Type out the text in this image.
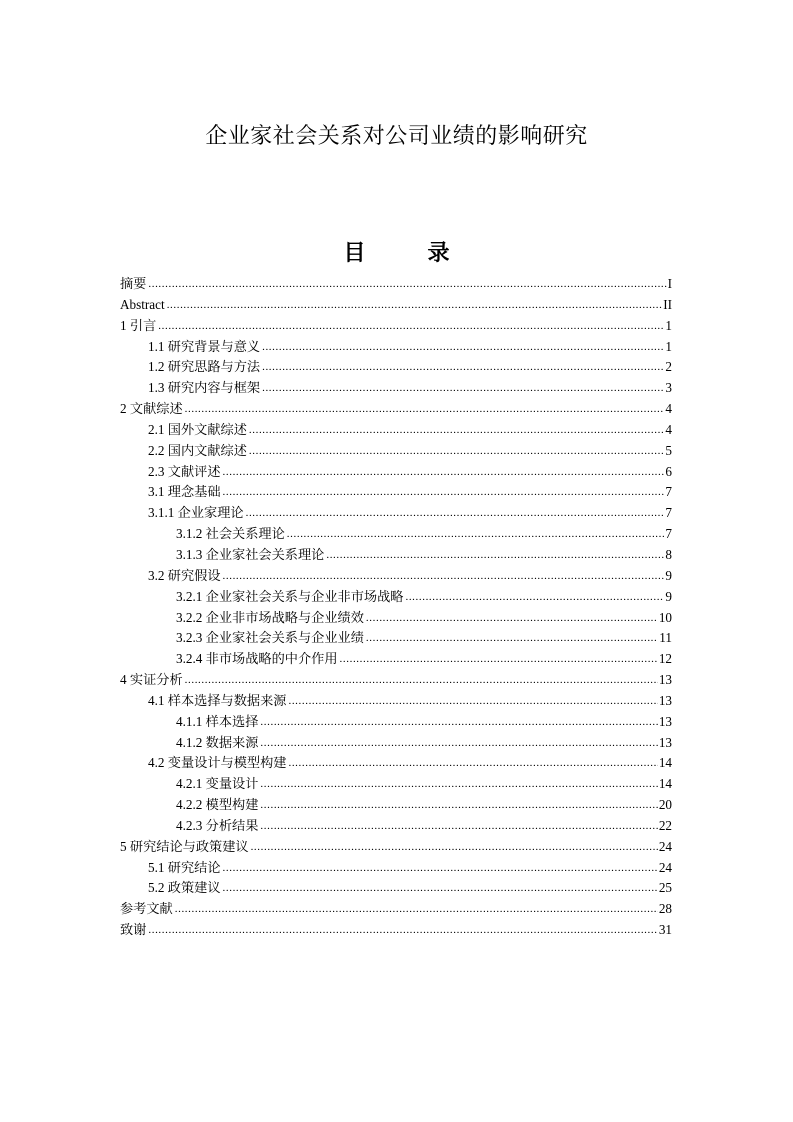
企业家社会关系对公司业绩的影响研究
目　录
摘要 .....	I
Abstract .....	II
1 引言 .....	1
1.1 研究背景与意义 .....	1
1.2 研究思路与方法 .....	2
1.3 研究内容与框架 .....	3
2 文献综述 .....	4
2.1 国外文献综述 .....	4
2.2 国内文献综述 .....	5
2.3 文献评述 .....	6
3.1 理念基础 .....	7
3.1.1 企业家理论 .....	7
3.1.2 社会关系理论 .....	7
3.1.3 企业家社会关系理论 .....	8
3.2 研究假设 .....	9
3.2.1 企业家社会关系与企业非市场战略 .....	9
3.2.2 企业非市场战略与企业绩效 .....	10
3.2.3 企业家社会关系与企业业绩 .....	11
3.2.4 非市场战略的中介作用 .....	12
4 实证分析 .....	13
4.1 样本选择与数据来源 .....	13
4.1.1 样本选择 .....	13
4.1.2 数据来源 .....	13
4.2 变量设计与模型构建 .....	14
4.2.1 变量设计 .....	14
4.2.2 模型构建 .....	20
4.2.3 分析结果 .....	22
5 研究结论与政策建议 .....	24
5.1 研究结论 .....	24
5.2 政策建议 .....	25
参考文献 .....	28
致谢 .....	31
